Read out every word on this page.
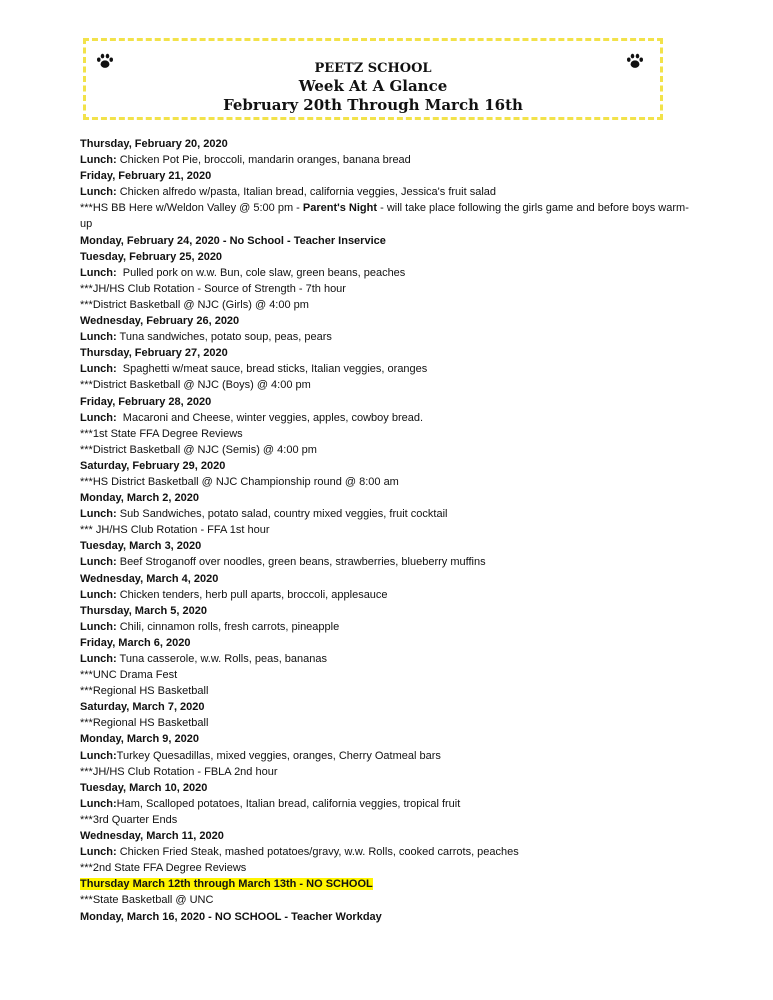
PEETZ SCHOOL
Week At A Glance
February 20th Through March 16th
Thursday, February 20, 2020
Lunch: Chicken Pot Pie, broccoli, mandarin oranges, banana bread
Friday, February 21, 2020
Lunch: Chicken alfredo w/pasta, Italian bread, california veggies, Jessica's fruit salad
***HS BB Here w/Weldon Valley @ 5:00 pm - Parent's Night - will take place following the girls game and before boys warm-up
Monday, February 24, 2020 - No School - Teacher Inservice
Tuesday, February 25, 2020
Lunch:  Pulled pork on w.w. Bun, cole slaw, green beans, peaches
***JH/HS Club Rotation - Source of Strength - 7th hour
***District Basketball @ NJC (Girls) @ 4:00 pm
Wednesday, February 26, 2020
Lunch: Tuna sandwiches, potato soup, peas, pears
Thursday, February 27, 2020
Lunch:  Spaghetti w/meat sauce, bread sticks, Italian veggies, oranges
***District Basketball @ NJC (Boys) @ 4:00 pm
Friday, February 28, 2020
Lunch:  Macaroni and Cheese, winter veggies, apples, cowboy bread.
***1st State FFA Degree Reviews
***District Basketball @ NJC (Semis) @ 4:00 pm
Saturday, February 29, 2020
***HS District Basketball @ NJC Championship round @ 8:00 am
Monday, March 2, 2020
Lunch: Sub Sandwiches, potato salad, country mixed veggies, fruit cocktail
*** JH/HS Club Rotation - FFA 1st hour
Tuesday, March 3, 2020
Lunch: Beef Stroganoff over noodles, green beans, strawberries, blueberry muffins
Wednesday, March 4, 2020
Lunch: Chicken tenders, herb pull aparts, broccoli, applesauce
Thursday, March 5, 2020
Lunch: Chili, cinnamon rolls, fresh carrots, pineapple
Friday, March 6, 2020
Lunch: Tuna casserole, w.w. Rolls, peas, bananas
***UNC Drama Fest
***Regional HS Basketball
Saturday, March 7, 2020
***Regional HS Basketball
Monday, March 9, 2020
Lunch:Turkey Quesadillas, mixed veggies, oranges, Cherry Oatmeal bars
***JH/HS Club Rotation - FBLA 2nd hour
Tuesday, March 10, 2020
Lunch:Ham, Scalloped potatoes, Italian bread, california veggies, tropical fruit
***3rd Quarter Ends
Wednesday, March 11, 2020
Lunch: Chicken Fried Steak, mashed potatoes/gravy, w.w. Rolls, cooked carrots, peaches
***2nd State FFA Degree Reviews
Thursday March 12th through March 13th - NO SCHOOL
***State Basketball @ UNC
Monday, March 16, 2020 - NO SCHOOL - Teacher Workday
